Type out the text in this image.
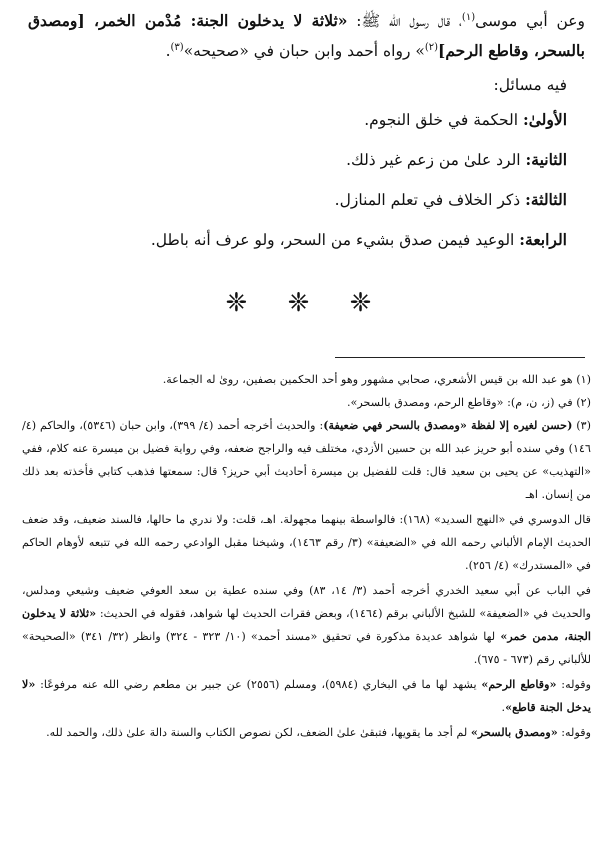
وعن أبي موسى$^{(١)}$، قال رسول الله ﷺ: «ثلاثة لا يدخلون الجنة: مُدْمن الخمر، [ومصدق بالسحر، وقاطع الرحم]$^{(٢)}$» رواه أحمد وابن حبان في «صحيحه»$^{(٣)}$.

فيه مسائل:

الأولىٰ: الحكمة في خلق النجوم.

الثانية: الرد علىٰ من زعم غير ذلك.

الثالثة: ذكر الخلاف في تعلم المنازل.

الرابعة: الوعيد فيمن صدق بشيء من السحر، ولو عرف أنه باطل.

❈ ❈ ❈

(١) هو عبد الله بن قيس الأشعري، صحابي مشهور وهو أحد الحكمين بصفين، رویٰ له الجماعة.

(٢) في (ز، ن، م): «وقاطع الرحم، ومصدق بالسحر».

(٣) (حسن لغيره إلا لفظة «ومصدق بالسحر فهي ضعيفة): والحديث أخرجه أحمد (٤/ ٣٩٩)، وابن حبان (٥٣٤٦)، والحاكم (٤/ ١٤٦) وفي سنده أبو حريز عبد الله بن حسين الأزدي، مختلف فيه والراجح ضعفه، وفي رواية فضيل بن ميسرة عنه كلام، ففي «التهذيب» عن يحيى بن سعيد قال: قلت للفضيل بن ميسرة أحاديث أبي حريز؟ قال: سمعتها فذهب كتابي فأخذته بعد ذلك من إنسان. اهـ

قال الدوسري في «النهج السديد» (١٦٨): فالواسطة بينهما مجهولة. اهـ، قلت: ولا ندري ما حالها، فالسند ضعيف، وقد ضعف الحديث الإمام الألباني رحمه الله في «الضعيفة» (٣/ رقم ١٤٦٣)، وشيخنا مقبل الوادعي رحمه الله في تتبعه لأوهام الحاكم في «المستدرك» (٤/ ٢٥٦).

في الباب عن أبي سعيد الخدري أخرجه أحمد (٣/ ١٤، ٨٣) وفي سنده عطية بن سعد العوفي ضعيف وشيعي ومدلس، والحديث في «الضعيفة» للشيخ الألباني برقم (١٤٦٤)، وبعض فقرات الحديث لها شواهد، فقوله في الحديث: «ثلاثة لا يدخلون الجنة، مدمن خمر» لها شواهد عديدة مذكورة في تحقيق «مسند أحمد» (١٠/ ٣٢٣ - ٣٢٤) وانظر (٣٢/ ٣٤١) «الصحيحة» للألباني رقم (٦٧٣ - ٦٧٥).

وقوله: «وقاطع الرحم» يشهد لها ما في البخاري (٥٩٨٤)، ومسلم (٢٥٥٦) عن جبير بن مطعم رضي الله عنه مرفوعًا: «لا يدخل الجنة قاطع».

وقوله: «ومصدق بالسحر» لم أجد ما يقويها، فتبقىٰ علىٰ الضعف، لكن نصوص الكتاب والسنة دالة علىٰ ذلك، والحمد لله.
